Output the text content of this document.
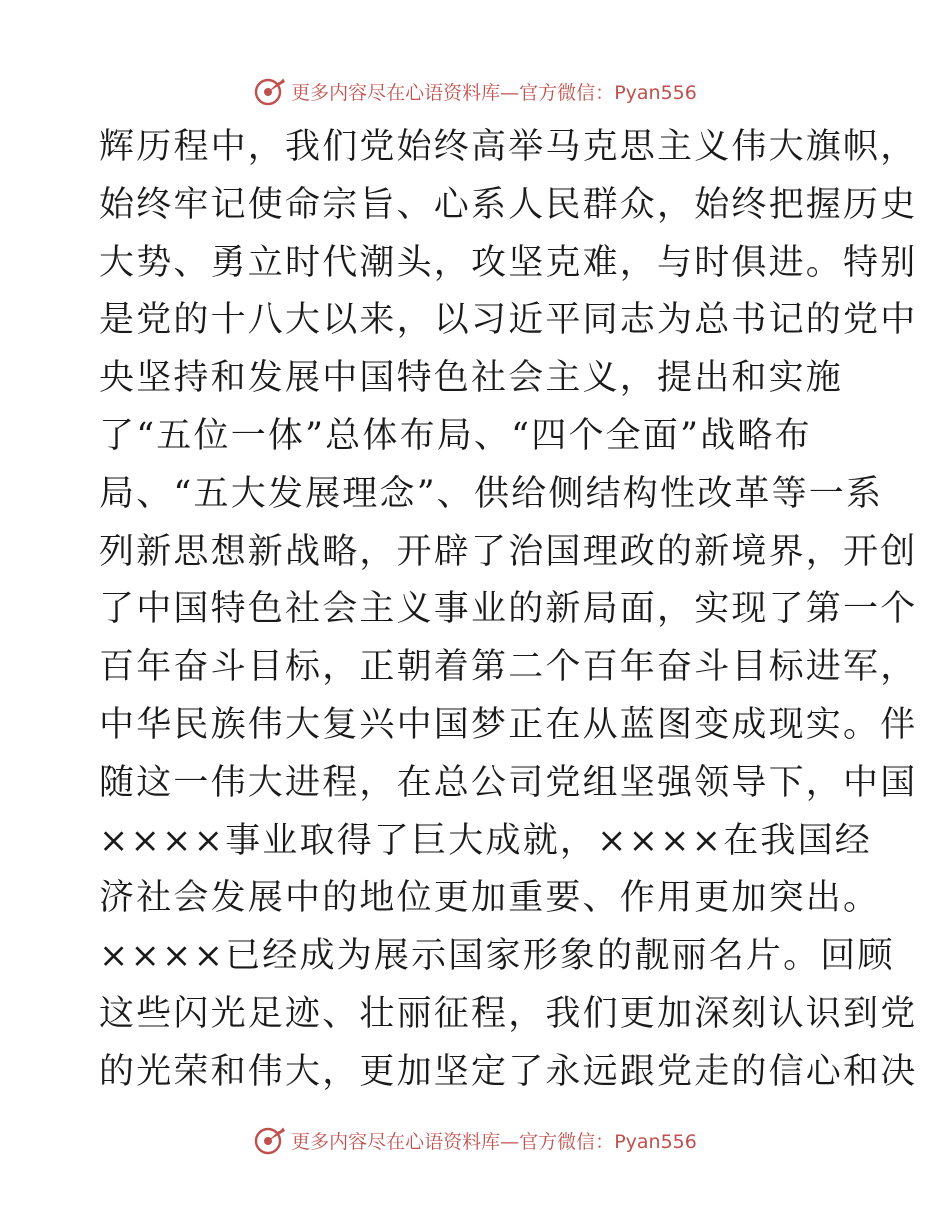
更多内容尽在心语资料库—官方微信：Pyan556
辉历程中，我们党始终高举马克思主义伟大旗帜，
始终牢记使命宗旨、心系人民群众，始终把握历史
大势、勇立时代潮头，攻坚克难，与时俱进。特别
是党的十八大以来，以习近平同志为总书记的党中
央坚持和发展中国特色社会主义，提出和实施
了“五位一体”总体布局、“四个全面”战略布
局、“五大发展理念”、供给侧结构性改革等一系
列新思想新战略，开辟了治国理政的新境界，开创
了中国特色社会主义事业的新局面，实现了第一个
百年奋斗目标，正朝着第二个百年奋斗目标进军，
中华民族伟大复兴中国梦正在从蓝图变成现实。伴
随这一伟大进程，在总公司党组坚强领导下，中国
××××事业取得了巨大成就，××××在我国经
济社会发展中的地位更加重要、作用更加突出。
××××已经成为展示国家形象的靓丽名片。回顾
这些闪光足迹、壮丽征程，我们更加深刻认识到党
的光荣和伟大，更加坚定了永远跟党走的信心和决
更多内容尽在心语资料库—官方微信：Pyan556
